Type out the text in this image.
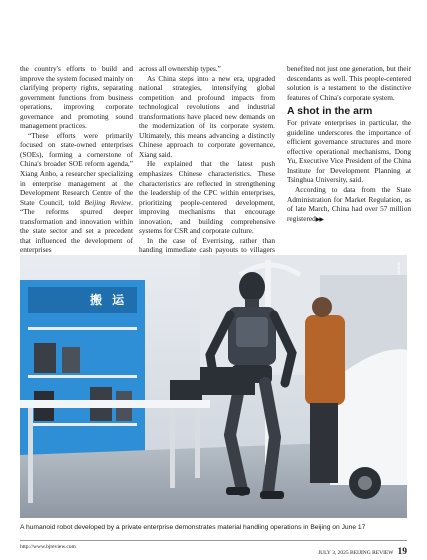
the country's efforts to build and improve the system focused mainly on clarifying property rights, separating government functions from business operations, improving corporate governance and promoting sound management practices.

“These efforts were primarily focused on state-owned enterprises (SOEs), forming a cornerstone of China's broader SOE reform agenda,” Xiang Anbo, a researcher specializing in enterprise management at the Development Research Centre of the State Council, told Beijing Review. “The reforms spurred deeper transformation and innovation within the state sector and set a precedent that influenced the development of enterprises

across all ownership types.”

As China steps into a new era, upgraded national strategies, intensifying global competition and profound impacts from technological revolutions and industrial transformations have placed new demands on the modernization of its corporate system. Ultimately, this means advancing a distinctly Chinese approach to corporate governance, Xiang said.

He explained that the latest push emphasizes Chinese characteristics. These characteristics are reflected in strengthening the leadership of the CPC within enterprises, prioritizing people-centered development, improving mechanisms that encourage innovation, and building comprehensive systems for CSR and corporate culture.

In the case of Everrising, rather than handing immediate cash payouts to villagers

benefited not just one generation, but their descendants as well. This people-centered solution is a testament to the distinctive features of China's corporate system.

A shot in the arm

For private enterprises in particular, the guideline underscores the importance of efficient governance structures and more effective operational mechanisms, Dong Yu, Executive Vice President of the China Institute for Development Planning at Tsinghua University, said.

According to data from the State Administration for Market Regulation, as of late March, China had over 57 million registered▶▶

搬 运
XINHUA
A humanoid robot developed by a private enterprise demonstrates material handling operations in Beijing on June 17
http://www.bjreview.com
JULY 3, 2025 BEIJING REVIEW 19
